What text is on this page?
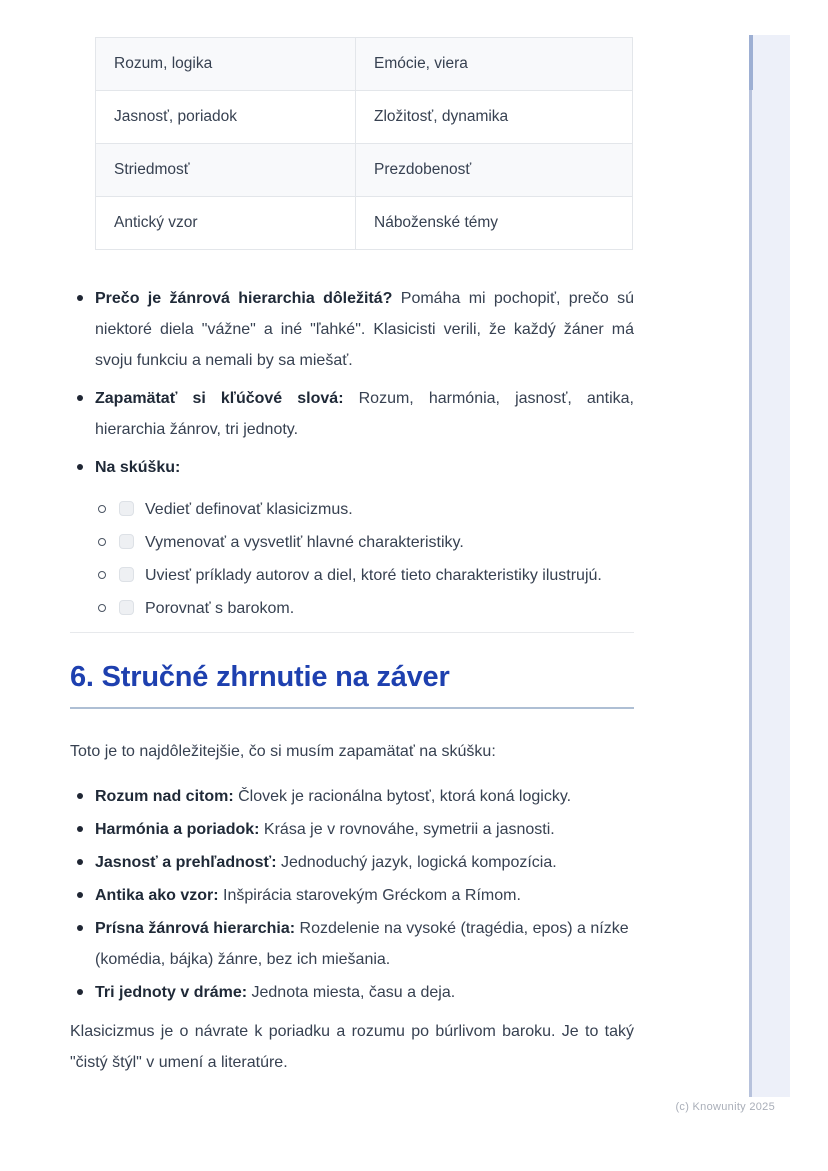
Rozum, logika	Emócie, viera
Jasnosť, poriadok	Zložitosť, dynamika
Striedmosť	Prezdobenosť
Antický vzor	Náboženské témy
Prečo je žánrová hierarchia dôležitá? Pomáha mi pochopiť, prečo sú niektoré diela "vážne" a iné "ľahké". Klasicisti verili, že každý žáner má svoju funkciu a nemali by sa miešať.
Zapamätať si kľúčové slová: Rozum, harmónia, jasnosť, antika, hierarchia žánrov, tri jednoty.
Na skúšku:
Vedieť definovať klasicizmus.
Vymenovať a vysvetliť hlavné charakteristiky.
Uviesť príklady autorov a diel, ktoré tieto charakteristiky ilustrujú.
Porovnať s barokom.
6. Stručné zhrnutie na záver

Toto je to najdôležitejšie, čo si musím zapamätať na skúšku:

Rozum nad citom: Človek je racionálna bytosť, ktorá koná logicky.
Harmónia a poriadok: Krása je v rovnováhe, symetrii a jasnosti.
Jasnosť a prehľadnosť: Jednoduchý jazyk, logická kompozícia.
Antika ako vzor: Inšpirácia starovekým Gréckom a Rímom.
Prísna žánrová hierarchia: Rozdelenie na vysoké (tragédia, epos) a nízke (komédia, bájka) žánre, bez ich miešania.
Tri jednoty v dráme: Jednota miesta, času a deja.

Klasicizmus je o návrate k poriadku a rozumu po búrlivom baroku. Je to taký "čistý štýl" v umení a literatúre.

(c) Knowunity 2025
